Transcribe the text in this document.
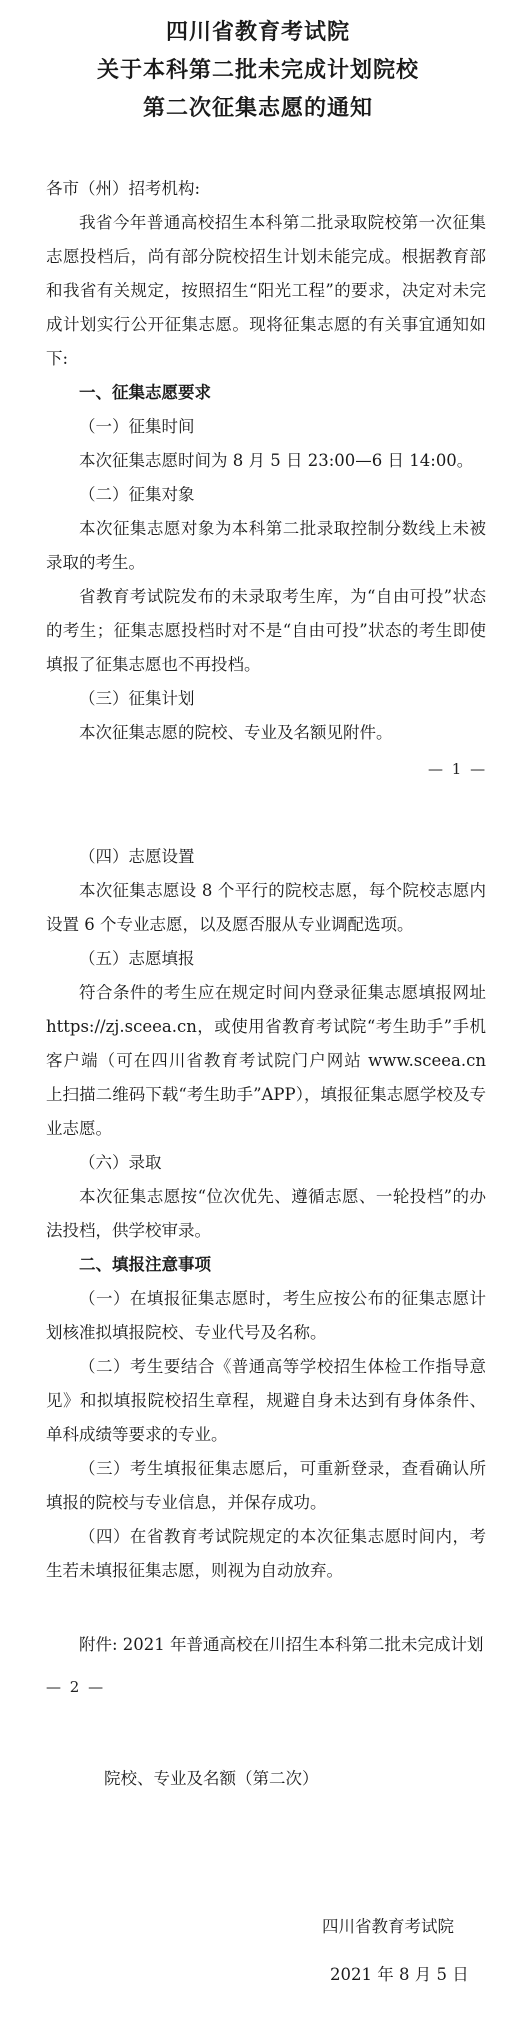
四川省教育考试院
关于本科第二批未完成计划院校
第二次征集志愿的通知
各市（州）招考机构:
我省今年普通高校招生本科第二批录取院校第一次征集志愿投档后，尚有部分院校招生计划未能完成。根据教育部和我省有关规定，按照招生“阳光工程”的要求，决定对未完成计划实行公开征集志愿。现将征集志愿的有关事宜通知如下:
一、征集志愿要求
（一）征集时间
本次征集志愿时间为 8 月 5 日 23:00—6 日 14:00。
（二）征集对象
本次征集志愿对象为本科第二批录取控制分数线上未被录取的考生。
省教育考试院发布的未录取考生库，为“自由可投”状态的考生；征集志愿投档时对不是“自由可投”状态的考生即使填报了征集志愿也不再投档。
（三）征集计划
本次征集志愿的院校、专业及名额见附件。
— 1 —
（四）志愿设置
本次征集志愿设 8 个平行的院校志愿，每个院校志愿内设置 6 个专业志愿，以及愿否服从专业调配选项。
（五）志愿填报
符合条件的考生应在规定时间内登录征集志愿填报网址 https://zj.sceea.cn，或使用省教育考试院“考生助手”手机客户端（可在四川省教育考试院门户网站 www.sceea.cn 上扫描二维码下载“考生助手”APP），填报征集志愿学校及专业志愿。
（六）录取
本次征集志愿按“位次优先、遵循志愿、一轮投档”的办法投档，供学校审录。
二、填报注意事项
（一）在填报征集志愿时，考生应按公布的征集志愿计划核准拟填报院校、专业代号及名称。
（二）考生要结合《普通高等学校招生体检工作指导意见》和拟填报院校招生章程，规避自身未达到有身体条件、单科成绩等要求的专业。
（三）考生填报征集志愿后，可重新登录，查看确认所填报的院校与专业信息，并保存成功。
（四）在省教育考试院规定的本次征集志愿时间内，考生若未填报征集志愿，则视为自动放弃。
附件: 2021 年普通高校在川招生本科第二批未完成计划
— 2 —
院校、专业及名额（第二次）
四川省教育考试院
2021 年 8 月 5 日
